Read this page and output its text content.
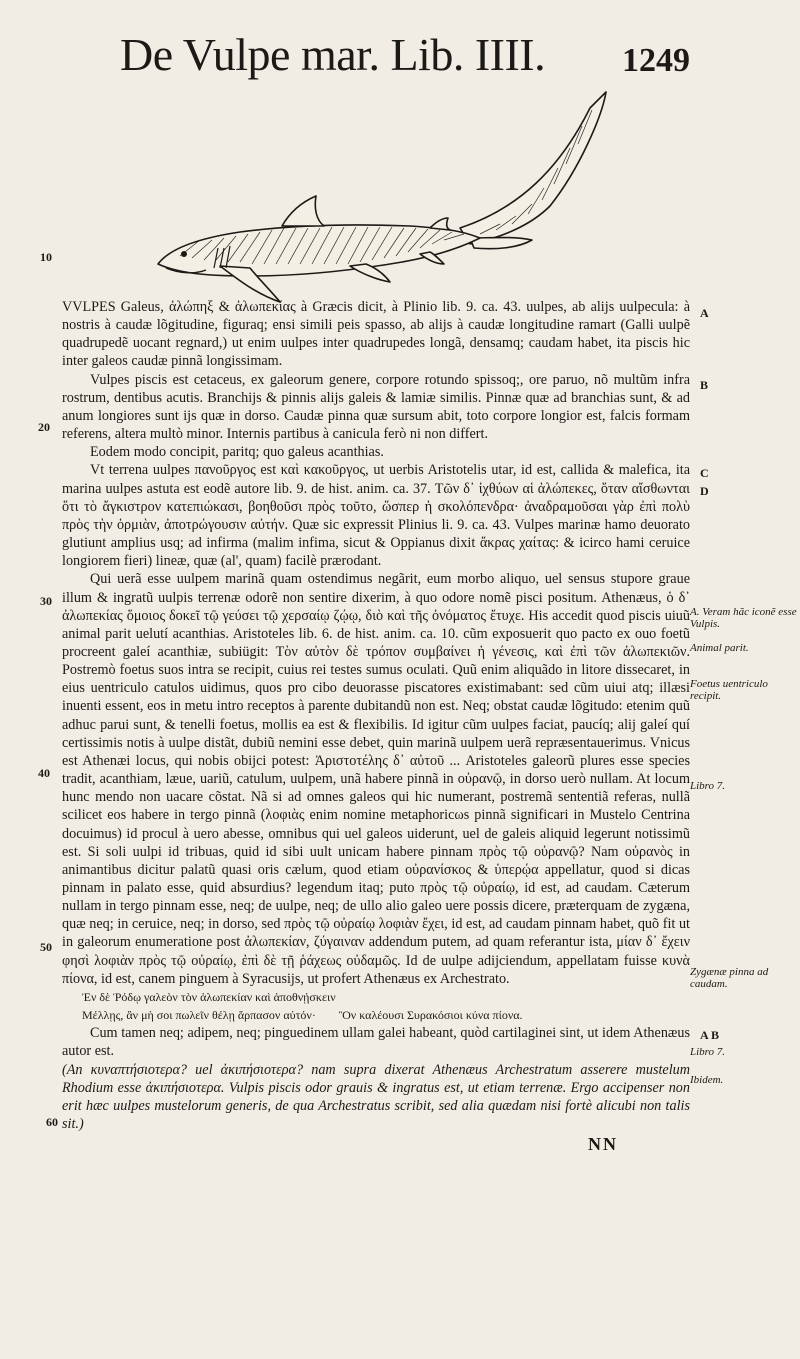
De Vulpe mar. Lib. IIII. 1249
10
20
30
40
50
60

VVLPES Galeus, ἀλώπηξ & ἀλωπεκίας à Græcis dicit, à Plinio lib. 9. ca. 43. uulpes, ab alijs uulpecula: à nostris à caudæ lõgitudine, figuraq; ensi simili peis spasso, ab alijs à caudæ longitudine ramart (Galli uulpẽ quadrupedẽ uocant regnard,) ut enim uulpes inter quadrupedes longã, densamq; caudam habet, ita piscis hic inter galeos caudæ pinnã longissimam.

Vulpes piscis est cetaceus, ex galeorum genere, corpore rotundo spissoq;, ore paruo, nõ multũm infra rostrum, dentibus acutis. Branchijs & pinnis alijs galeis & lamiæ similis. Pinnæ quæ ad branchias sunt, & ad anum longiores sunt ijs quæ in dorso. Caudæ pinna quæ sursum abit, toto corpore longior est, falcis formam referens, altera multò minor. Internis partibus à canicula ferò ni non differt.

Eodem modo concipit, paritq; quo galeus acanthias.

Vt terrena uulpes πανοῦργος est καὶ κακοῦργος, ut uerbis Aristotelis utar, id est, callida & malefica, ita marina uulpes astuta est eodẽ autore lib. 9. de hist. anim. ca. 37. Τῶν δ᾽ ἰχθύων αἱ ἀλώπεκες, ὅταν αἴσθωνται ὅτι τὸ ἄγκιστρον κατεπιώκασι, βοηθοῦσι πρὸς τοῦτο, ὥσπερ ἡ σκολόπενδρα· ἀναδραμοῦσαι γὰρ ἐπὶ πολὺ πρὸς τὴν ὁρμιὰν, ἀποτρώγουσιν αὐτήν. Quæ sic expressit Plinius li. 9. ca. 43. Vulpes marinæ hamo deuorato glutiunt amplius usq; ad infirma (malim infima, sicut & Oppianus dixit ἄκρας χαίτας: & icirco hami ceruice longiorem fieri) lineæ, quæ (al', quam) facilè prærodant.

Qui uerã esse uulpem marinã quam ostendimus negãrit, eum morbo aliquo, uel sensus stupore graue illum & ingratũ uulpis terrenæ odorẽ non sentire dixerim, à quo odore nomẽ pisci positum. Athenæus, ὁ δ᾽ ἀλωπεκίας ὅμοιος δοκεῖ τῷ γεύσει τῷ χερσαίῳ ζῴῳ, διὸ καὶ τῆς ὀνόματος ἔτυχε. His accedit quod piscis uiuũ animal parit uelutí acanthias. Aristoteles lib. 6. de hist. anim. ca. 10. cũm exposuerit quo pacto ex ouo foetũ procreent galeí acanthiæ, subiügit: Τὸν αὐτὸν δὲ τρόπον συμβαίνει ἡ γένεσις, καὶ ἐπὶ τῶν ἀλωπεκιῶν. Postremò foetus suos intra se recipit, cuius rei testes sumus oculati. Quũ enim aliquãdo in litore dissecaret, in eius uentriculo catulos uidimus, quos pro cibo deuorasse piscatores existimabant: sed cũm uiui atq; illæsi inuenti essent, eos in metu intro receptos à parente dubitandũ non est. Neq; obstat caudæ lõgitudo: etenim quũ adhuc parui sunt, & tenelli foetus, mollis ea est & flexibilis. Id igitur cũm uulpes faciat, paucíq; alij galeí quí certissimis notis à uulpe distãt, dubiũ nemini esse debet, quin marinã uulpem uerã repræsentauerimus. Vnicus est Athenæi locus, qui nobis obijci potest: Ἀριστοτέλης δ᾽ αὐτοῦ ... Aristoteles galeorũ plures esse species tradit, acanthiam, læue, uariũ, catulum, uulpem, unã habere pinnã in οὐρανῷ, in dorso uerò nullam. At locum hunc mendo non uacare cõstat. Nã si ad omnes galeos qui hic numerant, postremã sententiã referas, nullã scilicet eos habere in tergo pinnã (λοφιὰς enim nomine metaphoricωs pinnã significari in Mustelo Centrina docuimus) id procul à uero abesse, omnibus qui uel galeos uiderunt, uel de galeis aliquid legerunt notissimũ est. Si soli uulpi id tribuas, quid id sibi uult unicam habere pinnam πρὸς τῷ οὐρανῷ? Nam οὐρανὸς in animantibus dicitur palatũ quasi oris cælum, quod etiam οὐρανίσκος & ὑπερῴα appellatur, quod si dicas pinnam in palato esse, quid absurdius? legendum itaq; puto πρὸς τῷ οὐραίῳ, id est, ad caudam. Cæterum nullam in tergo pinnam esse, neq; de uulpe, neq; de ullo alio galeo uere possis dicere, præterquam de zygæna, quæ neq; in ceruice, neq; in dorso, sed πρὸς τῷ οὐραίῳ λοφιὰν ἔχει, id est, ad caudam pinnam habet, quõ fit ut in galeorum enumeratione post ἀλωπεκίαν, ζύγαιναν addendum putem, ad quam referantur ista, μίαν δ᾽ ἔχειν φησὶ λοφιὰν πρὸς τῷ οὐραίῳ, ἐπὶ δὲ τῇ ῥάχεως οὐδαμῶς. Id de uulpe adijciendum, appellatam fuisse κυνὰ πίονα, id est, canem pinguem à Syracusijs, ut profert Athenæus ex Archestrato.

Ἐν δὲ Ῥόδῳ γαλεὸν τὸν ἀλωπεκίαν καὶ ἀποθνῄσκειν

Μέλλῃς, ἂν μὴ σοι πωλεῖν θέλῃ ἅρπασον αὐτόν· Ὃν καλέουσι Συρακόσιοι κύνα πίονα.

Cum tamen neq; adipem, neq; pinguedinem ullam galei habeant, quòd cartilaginei sint, ut idem Athenæus autor est.

(An κυναπτήσιοτερα? uel ἀκιπήσιοτερα? nam supra dixerat Athenæus Archestratum asserere mustelum Rhodium esse ἀκιπήσιοτερα. Vulpis piscis odor grauis & ingratus est, ut etiam terrenæ. Ergo accipenser non erit hæc uulpes mustelorum generis, de qua Archestratus scribit, sed alia quædam nisi fortè alicubi non talis sit.)

A
B
C
D
A B
A. Veram hãc iconẽ esse Vulpis.
Animal parit.
Foetus uentriculo recipit.
Libro 7.
Zygænæ pinna ad caudam.
Libro 7.
Ibidem.
NN
